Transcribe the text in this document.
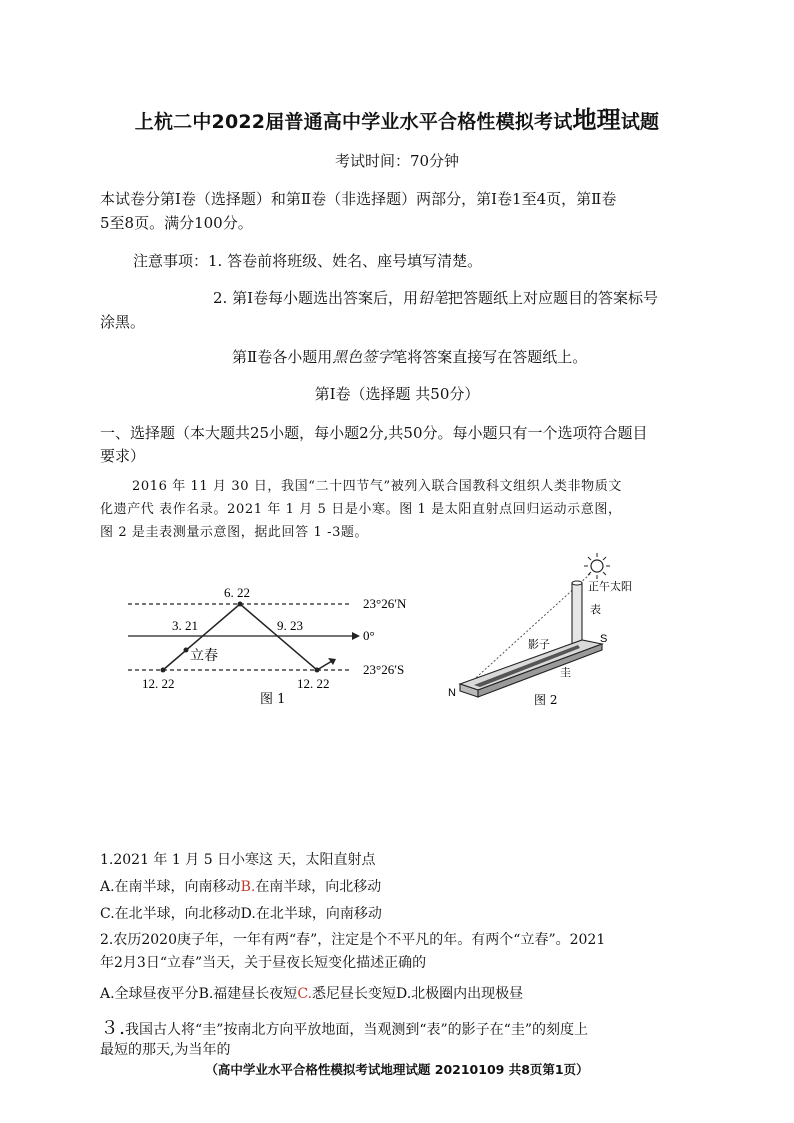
上杭二中2022届普通高中学业水平合格性模拟考试地理试题
考试时间：70分钟
本试卷分第Ⅰ卷（选择题）和第Ⅱ卷（非选择题）两部分，第Ⅰ卷1至4页，第Ⅱ卷
5至8页。满分100分。
注意事项：1. 答卷前将班级、姓名、座号填写清楚。
2. 第Ⅰ卷每小题选出答案后，用铅笔把答题纸上对应题目的答案标号
涂黑。
第Ⅱ卷各小题用黑色签字笔将答案直接写在答题纸上。
第Ⅰ卷（选择题 共50分）
一、选择题（本大题共25小题，每小题2分,共50分。每小题只有一个选项符合题目
要求）
2016 年 11 月 30 日，我国“二十四节气”被列入联合国教科文组织人类非物质文
化遗产代 表作名录。2021 年 1 月 5 日是小寒。图 1 是太阳直射点回归运动示意图，
图 2 是圭表测量示意图，据此回答 1 -3题。
6. 22
3. 21	9. 23
立春
12. 22	12. 22
23°26′N
0°
23°26′S
图 1
正午太阳
表
影子	S
圭
N	图 2
1.2021 年 1 月 5 日小寒这 天，太阳直射点
A.在南半球，向南移动B.在南半球，向北移动
C.在北半球，向北移动D.在北半球，向南移动
2.农历2020庚子年，一年有两“春”，注定是个不平凡的年。有两个“立春”。2021
年2月3日“立春”当天，关于昼夜长短变化描述正确的
A.全球昼夜平分B.福建昼长夜短C.悉尼昼长变短D.北极圈内出现极昼
３.我国古人将“圭”按南北方向平放地面，当观测到“表”的影子在“圭”的刻度上
最短的那天,为当年的
（高中学业水平合格性模拟考试地理试题 20210109 共8页第1页）
